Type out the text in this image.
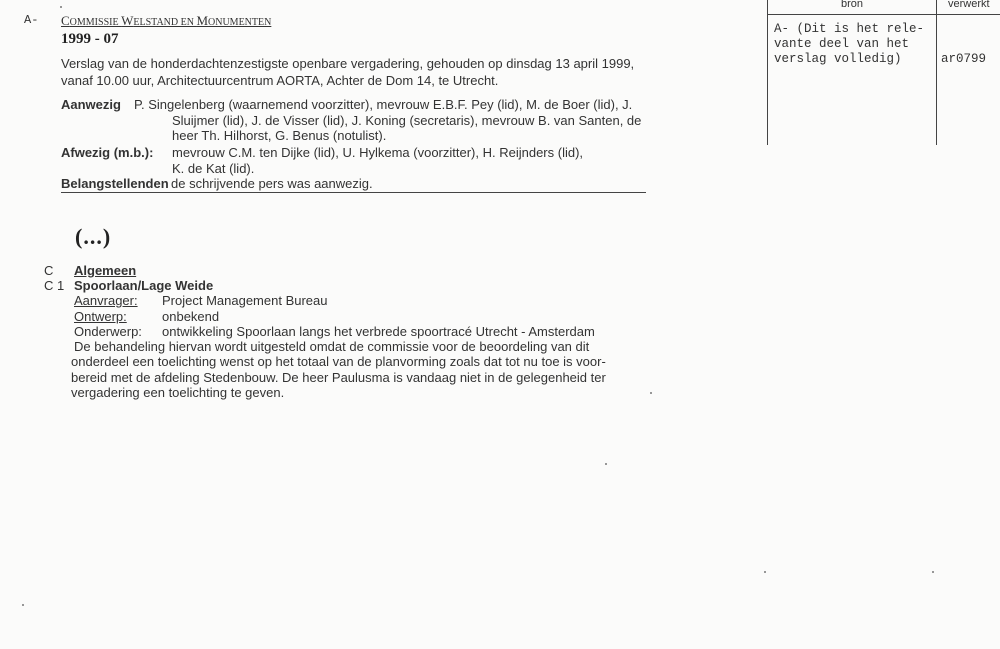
A- COMMISSIE WELSTAND EN MONUMENTEN
1999 - 07
Verslag van de honderdachtenzestigste openbare vergadering, gehouden op dinsdag 13 april 1999,
vanaf 10.00 uur, Architectuurcentrum AORTA, Achter de Dom 14, te Utrecht.
Aanwezig P. Singelenberg (waarnemend voorzitter), mevrouw E.B.F. Pey (lid), M. de Boer (lid), J.
Sluijmer (lid), J. de Visser (lid), J. Koning (secretaris), mevrouw B. van Santen, de
heer Th. Hilhorst, G. Benus (notulist).
Afwezig (m.b.): mevrouw C.M. ten Dijke (lid), U. Hylkema (voorzitter), H. Reijnders (lid),
K. de Kat (lid).
Belangstellenden de schrijvende pers was aanwezig.
(...)
C Algemeen
C 1 Spoorlaan/Lage Weide
Aanvrager: Project Management Bureau
Ontwerp:	onbekend
Onderwerp: ontwikkeling Spoorlaan langs het verbrede spoortracé Utrecht - Amsterdam
De behandeling hiervan wordt uitgesteld omdat de commissie voor de beoordeling van dit
onderdeel een toelichting wenst op het totaal van de planvorming zoals dat tot nu toe is voor-
bereid met de afdeling Stedenbouw. De heer Paulusma is vandaag niet in de gelegenheid ter
vergadering een toelichting te geven.
bron	verwerkt
A- (Dit is het rele-
vante deel van het
verslag volledig)	ar0799
